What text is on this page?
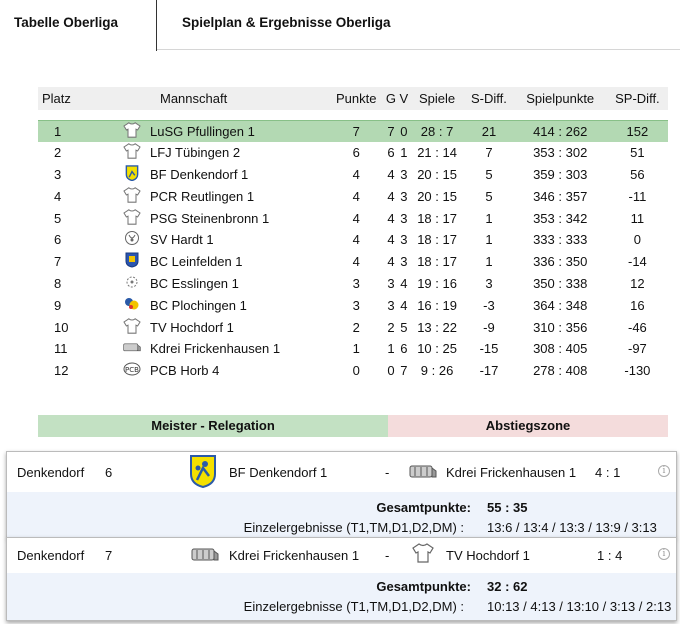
Tabelle Oberliga	Spielplan & Ergebnisse Oberliga
Platz		Mannschaft	Punkte	G	V	Spiele	S-Diff.	Spielpunkte	SP-Diff.

1		LuSG Pfullingen 1	7	7	0	28 : 7	21	414 : 262	152
2		LFJ Tübingen 2	6	6	1	21 : 14	7	353 : 302	51
3		BF Denkendorf 1	4	4	3	20 : 15	5	359 : 303	56
4		PCR Reutlingen 1	4	4	3	20 : 15	5	346 : 357	-11
5		PSG Steinenbronn 1	4	4	3	18 : 17	1	353 : 342	11
6		SV Hardt 1	4	4	3	18 : 17	1	333 : 333	0
7		BC Leinfelden 1	4	4	3	18 : 17	1	336 : 350	-14
8		BC Esslingen 1	3	3	4	19 : 16	3	350 : 338	12
9		BC Plochingen 1	3	3	4	16 : 19	-3	364 : 348	16
10		TV Hochdorf 1	2	2	5	13 : 22	-9	310 : 356	-46
11		Kdrei Frickenhausen 1	1	1	6	10 : 25	-15	308 : 405	-97
12	PCB	PCB Horb 4	0	0	7	9 : 26	-17	278 : 408	-130
Meister - Relegation	Abstiegszone
Denkendorf 6	BF Denkendorf 1	-	Kdrei Frickenhausen 1 4 : 1	i
Gesamtpunkte: 55 : 35
Einzelergebnisse (T1,TM,D1,D2,DM) : 13:6 / 13:4 / 13:3 / 13:9 / 3:13
Denkendorf 7	Kdrei Frickenhausen 1 -	TV Hochdorf 1	1 : 4	i
Gesamtpunkte: 32 : 62
Einzelergebnisse (T1,TM,D1,D2,DM) : 10:13 / 4:13 / 13:10 / 3:13 / 2:13
